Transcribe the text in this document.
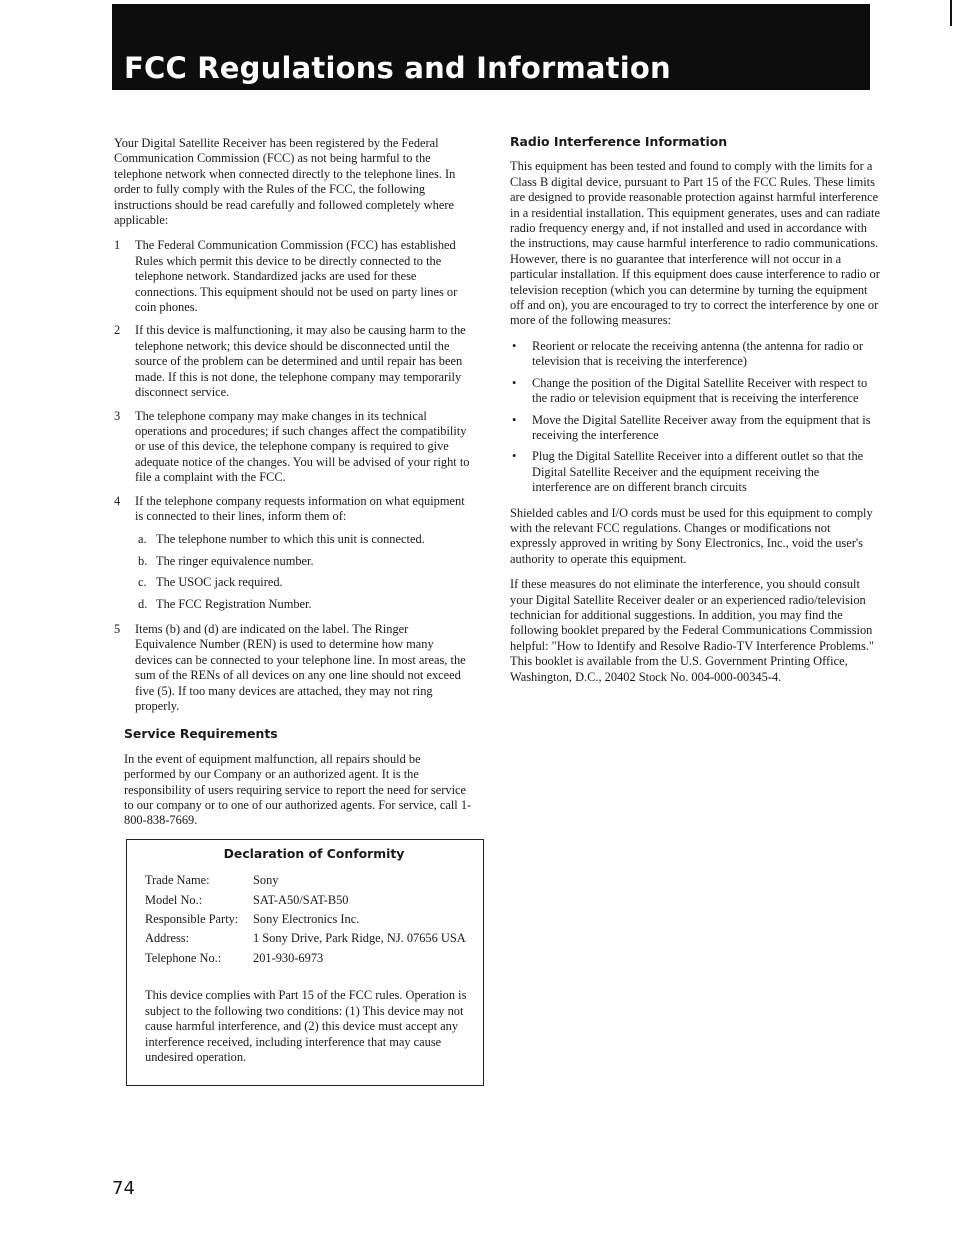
FCC Regulations and Information

Your Digital Satellite Receiver has been registered by the Federal Communication Commission (FCC) as not being harmful to the telephone network when connected directly to the telephone lines. In order to fully comply with the Rules of the FCC, the following instructions should be read carefully and followed completely where applicable:

1	The Federal Communication Commission (FCC) has established Rules which permit this device to be directly connected to the telephone network. Standardized jacks are used for these connections. This equipment should not be used on party lines or coin phones.
2	If this device is malfunctioning, it may also be causing harm to the telephone network; this device should be disconnected until the source of the problem can be determined and until repair has been made. If this is not done, the telephone company may temporarily disconnect service.
3	The telephone company may make changes in its technical operations and procedures; if such changes affect the compatibility or use of this device, the telephone company is required to give adequate notice of the changes. You will be advised of your right to file a complaint with the FCC.
4	If the telephone company requests information on what equipment is connected to their lines, inform them of:
a. The telephone number to which this unit is connected.
b. The ringer equivalence number.
c. The USOC jack required.
d. The FCC Registration Number.
5	Items (b) and (d) are indicated on the label. The Ringer Equivalence Number (REN) is used to determine how many devices can be connected to your telephone line. In most areas, the sum of the RENs of all devices on any one line should not exceed five (5). If too many devices are attached, they may not ring properly.
Service Requirements

In the event of equipment malfunction, all repairs should be performed by our Company or an authorized agent. It is the responsibility of users requiring service to report the need for service to our company or to one of our authorized agents. For service, call 1-800-838-7669.

Declaration of Conformity
Trade Name:	Sony
Model No.:	SAT-A50/SAT-B50
Responsible Party:	Sony Electronics Inc.
Address:	1 Sony Drive, Park Ridge, NJ. 07656 USA
Telephone No.:	201-930-6973

This device complies with Part 15 of the FCC rules. Operation is subject to the following two conditions: (1) This device may not cause harmful interference, and (2) this device must accept any interference received, including interference that may cause undesired operation.

Radio Interference Information

This equipment has been tested and found to comply with the limits for a Class B digital device, pursuant to Part 15 of the FCC Rules. These limits are designed to provide reasonable protection against harmful interference in a residential installation. This equipment generates, uses and can radiate radio frequency energy and, if not installed and used in accordance with the instructions, may cause harmful interference to radio communications. However, there is no guarantee that interference will not occur in a particular installation. If this equipment does cause interference to radio or television reception (which you can determine by turning the equipment off and on), you are encouraged to try to correct the interference by one or more of the following measures:

•	Reorient or relocate the receiving antenna (the antenna for radio or television that is receiving the interference)
•	Change the position of the Digital Satellite Receiver with respect to the radio or television equipment that is receiving the interference
•	Move the Digital Satellite Receiver away from the equipment that is receiving the interference
•	Plug the Digital Satellite Receiver into a different outlet so that the Digital Satellite Receiver and the equipment receiving the interference are on different branch circuits

Shielded cables and I/O cords must be used for this equipment to comply with the relevant FCC regulations. Changes or modifications not expressly approved in writing by Sony Electronics, Inc., void the user's authority to operate this equipment.

If these measures do not eliminate the interference, you should consult your Digital Satellite Receiver dealer or an experienced radio/television technician for additional suggestions. In addition, you may find the following booklet prepared by the Federal Communications Commission helpful: "How to Identify and Resolve Radio-TV Interference Problems." This booklet is available from the U.S. Government Printing Office, Washington, D.C., 20402 Stock No. 004-000-00345-4.

74
